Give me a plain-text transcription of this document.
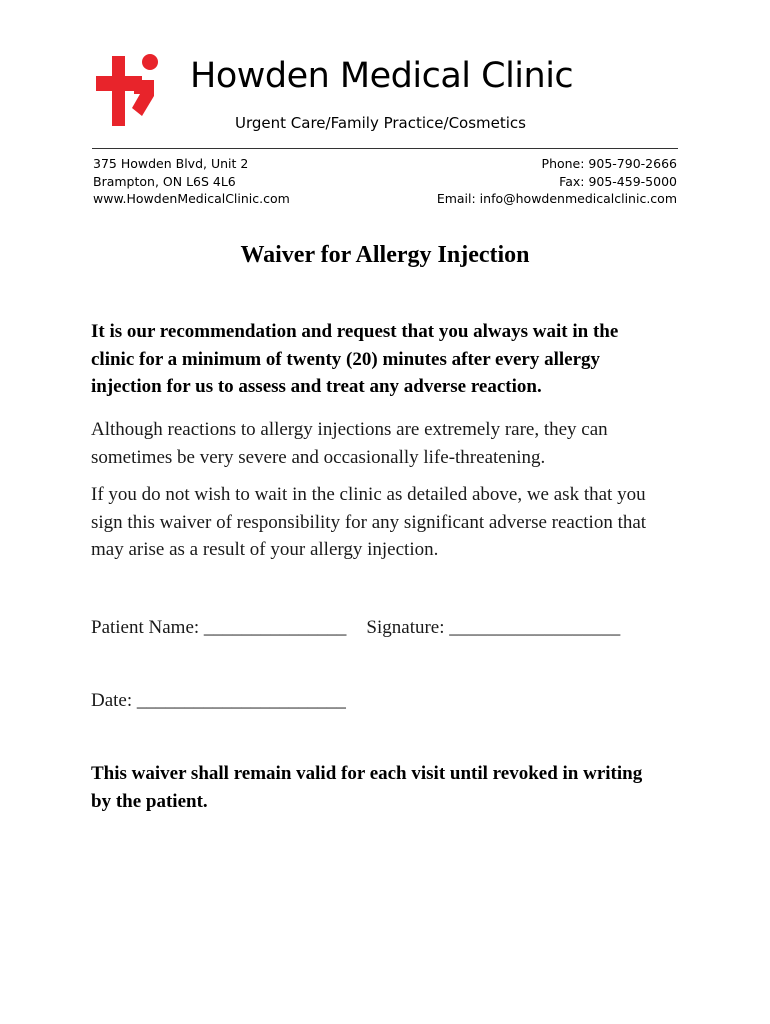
Howden Medical Clinic
Urgent Care/Family Practice/Cosmetics
375 Howden Blvd, Unit 2
Brampton, ON L6S 4L6
www.HowdenMedicalClinic.com
Phone: 905-790-2666
Fax: 905-459-5000
Email: info@howdenmedicalclinic.com
Waiver for Allergy Injection
It is our recommendation and request that you always wait in the
clinic for a minimum of twenty (20) minutes after every allergy
injection for us to assess and treat any adverse reaction.
Although reactions to allergy injections are extremely rare, they can
sometimes be very severe and occasionally life-threatening.
If you do not wish to wait in the clinic as detailed above, we ask that you
sign this waiver of responsibility for any significant adverse reaction that
may arise as a result of your allergy injection.
Patient Name: _______________ Signature: __________________
Date: ______________________
This waiver shall remain valid for each visit until revoked in writing
by the patient.
